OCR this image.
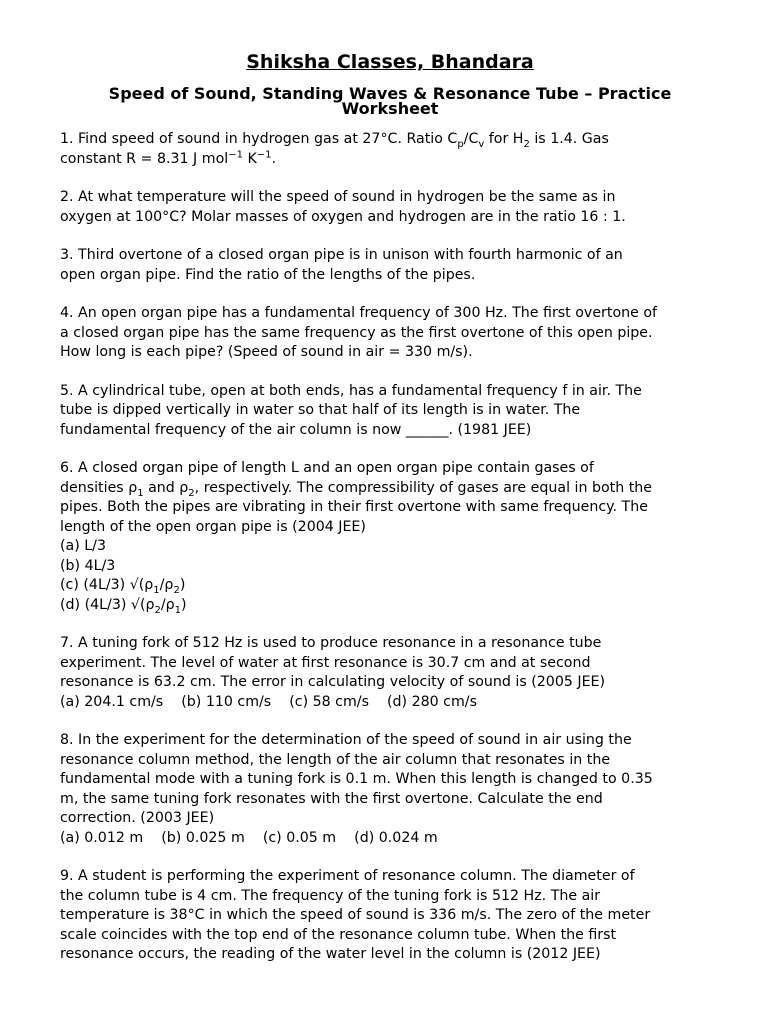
Shiksha Classes, Bhandara
Speed of Sound, Standing Waves & Resonance Tube – Practice
Worksheet
1. Find speed of sound in hydrogen gas at 27°C. Ratio $C_p/C_v$ for $H_2$ is 1.4. Gas
constant R = 8.31 J mol$^{-1}$ $K^{-1}$.
2. At what temperature will the speed of sound in hydrogen be the same as in
oxygen at 100°C? Molar masses of oxygen and hydrogen are in the ratio 16 : 1.
3. Third overtone of a closed organ pipe is in unison with fourth harmonic of an
open organ pipe. Find the ratio of the lengths of the pipes.
4. An open organ pipe has a fundamental frequency of 300 Hz. The first overtone of
a closed organ pipe has the same frequency as the first overtone of this open pipe.
How long is each pipe? (Speed of sound in air = 330 m/s).
5. A cylindrical tube, open at both ends, has a fundamental frequency f in air. The
tube is dipped vertically in water so that half of its length is in water. The
fundamental frequency of the air column is now ______. (1981 JEE)
6. A closed organ pipe of length L and an open organ pipe contain gases of
densities $\rho_1$ and $\rho_2$, respectively. The compressibility of gases are equal in both the
pipes. Both the pipes are vibrating in their first overtone with same frequency. The
length of the open organ pipe is (2004 JEE)
(a) L/3
(b) 4L/3
(c) (4L/3) $√(\rho_1/\rho_2)$
(d) (4L/3) $√(\rho_2/\rho_1)$
7. A tuning fork of 512 Hz is used to produce resonance in a resonance tube
experiment. The level of water at first resonance is 30.7 cm and at second
resonance is 63.2 cm. The error in calculating velocity of sound is (2005 JEE)
(a) 204.1 cm/s    (b) 110 cm/s    (c) 58 cm/s    (d) 280 cm/s
8. In the experiment for the determination of the speed of sound in air using the
resonance column method, the length of the air column that resonates in the
fundamental mode with a tuning fork is 0.1 m. When this length is changed to 0.35
m, the same tuning fork resonates with the first overtone. Calculate the end
correction. (2003 JEE)
(a) 0.012 m    (b) 0.025 m    (c) 0.05 m    (d) 0.024 m
9. A student is performing the experiment of resonance column. The diameter of
the column tube is 4 cm. The frequency of the tuning fork is 512 Hz. The air
temperature is 38°C in which the speed of sound is 336 m/s. The zero of the meter
scale coincides with the top end of the resonance column tube. When the first
resonance occurs, the reading of the water level in the column is (2012 JEE)
